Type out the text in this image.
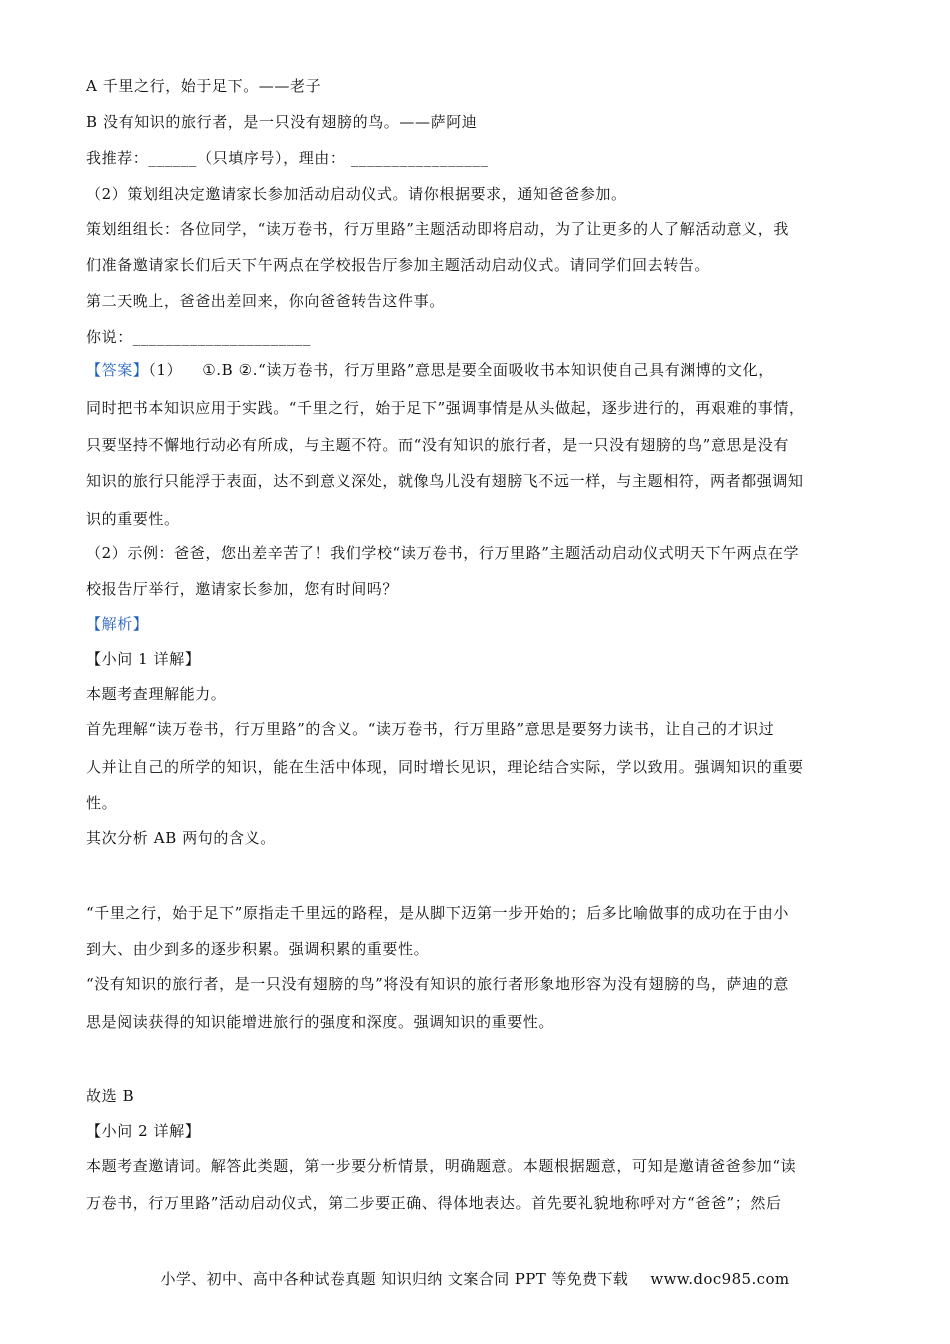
A 千里之行，始于足下。——老子
B 没有知识的旅行者，是一只没有翅膀的鸟。——萨阿迪
我推荐：______（只填序号），理由： _________________
（2）策划组决定邀请家长参加活动启动仪式。请你根据要求，通知爸爸参加。
策划组组长：各位同学，“读万卷书，行万里路”主题活动即将启动，为了让更多的人了解活动意义，我
们准备邀请家长们后天下午两点在学校报告厅参加主题活动启动仪式。请同学们回去转告。
第二天晚上，爸爸出差回来，你向爸爸转告这件事。
你说：______________________
【答案】（1） ①.B ②.“读万卷书，行万里路”意思是要全面吸收书本知识使自己具有渊博的文化，
同时把书本知识应用于实践。“千里之行，始于足下”强调事情是从头做起，逐步进行的，再艰难的事情，
只要坚持不懈地行动必有所成，与主题不符。而“没有知识的旅行者，是一只没有翅膀的鸟”意思是没有
知识的旅行只能浮于表面，达不到意义深处，就像鸟儿没有翅膀飞不远一样，与主题相符，两者都强调知
识的重要性。
（2）示例：爸爸，您出差辛苦了！我们学校“读万卷书，行万里路”主题活动启动仪式明天下午两点在学
校报告厅举行，邀请家长参加，您有时间吗？
【解析】
【小问 1 详解】
本题考查理解能力。
首先理解“读万卷书，行万里路”的含义。“读万卷书，行万里路”意思是要努力读书，让自己的才识过
人并让自己的所学的知识，能在生活中体现，同时增长见识，理论结合实际，学以致用。强调知识的重要
性。
其次分析 AB 两句的含义。
“千里之行，始于足下”原指走千里远的路程，是从脚下迈第一步开始的；后多比喻做事的成功在于由小
到大、由少到多的逐步积累。强调积累的重要性。
“没有知识的旅行者，是一只没有翅膀的鸟”将没有知识的旅行者形象地形容为没有翅膀的鸟，萨迪的意
思是阅读获得的知识能增进旅行的强度和深度。强调知识的重要性。
故选 B
【小问 2 详解】
本题考查邀请词。解答此类题，第一步要分析情景，明确题意。本题根据题意，可知是邀请爸爸参加“读
万卷书，行万里路”活动启动仪式，第二步要正确、得体地表达。首先要礼貌地称呼对方“爸爸”；然后
小学、初中、高中各种试卷真题 知识归纳 文案合同 PPT 等免费下载 www.doc985.com
